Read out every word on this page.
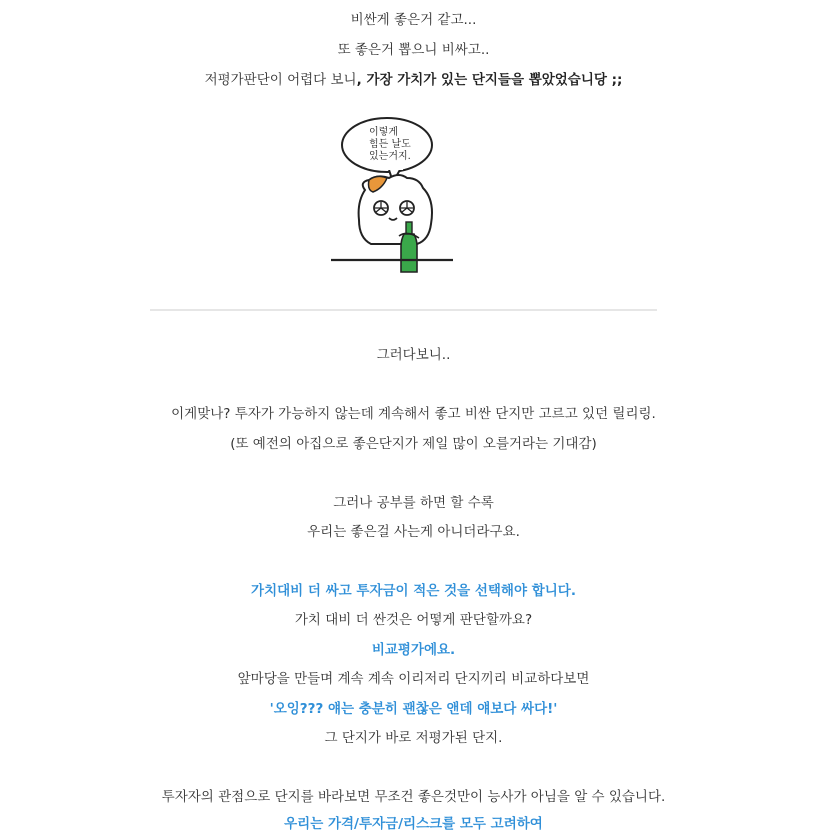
비싼게 좋은거 같고...
또 좋은거 뽑으니 비싸고..
저평가판단이 어렵다 보니, 가장 가치가 있는 단지들을 뽑았었습니당 ;;
이렇게
힘든 날도
있는거지.
그러다보니..
이게맞나? 투자가 가능하지 않는데 계속해서 좋고 비싼 단지만 고르고 있던 릴리링.
(또 예전의 아집으로 좋은단지가 제일 많이 오를거라는 기대감)
그러나 공부를 하면 할 수록
우리는 좋은걸 사는게 아니더라구요.
가치대비 더 싸고 투자금이 적은 것을 선택해야 합니다.
가치 대비 더 싼것은 어떻게 판단할까요?
비교평가에요.
앞마당을 만들며 계속 계속 이리저리 단지끼리 비교하다보면
'오잉??? 얘는 충분히 괜찮은 앤데 얘보다 싸다!'
그 단지가 바로 저평가된 단지.
투자자의 관점으로 단지를 바라보면 무조건 좋은것만이 능사가 아님을 알 수 있습니다.
우리는 가격/투자금/리스크를 모두 고려하여
